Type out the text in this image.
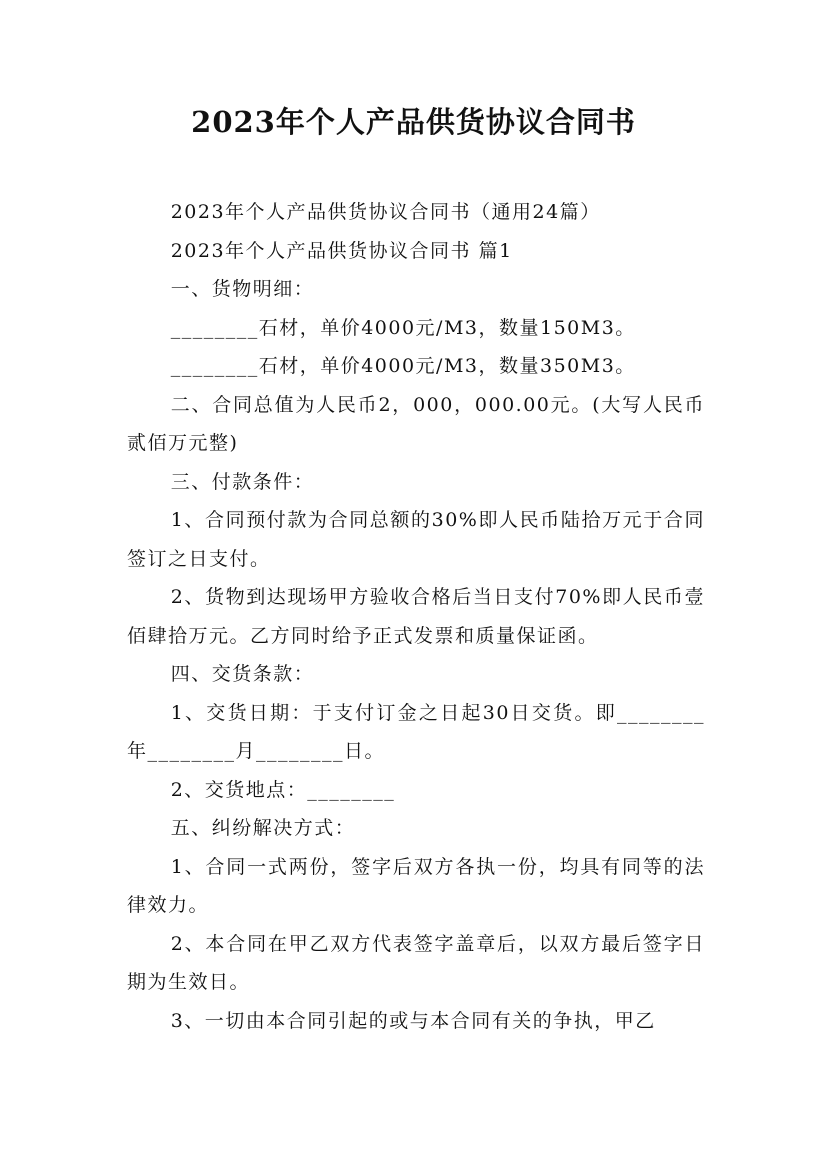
2023年个人产品供货协议合同书

2023年个人产品供货协议合同书（通用24篇）

2023年个人产品供货协议合同书 篇1

一、货物明细：

________石材，单价4000元/M3，数量150M3。

________石材，单价4000元/M3，数量350M3。

二、合同总值为人民币2，000，000.00元。(大写人民币贰佰万元整)

三、付款条件：

1、合同预付款为合同总额的30%即人民币陆拾万元于合同签订之日支付。

2、货物到达现场甲方验收合格后当日支付70%即人民币壹佰肆拾万元。乙方同时给予正式发票和质量保证函。

四、交货条款：

1、交货日期：于支付订金之日起30日交货。即________年________月________日。

2、交货地点：________

五、纠纷解决方式：

1、合同一式两份，签字后双方各执一份，均具有同等的法律效力。

2、本合同在甲乙双方代表签字盖章后，以双方最后签字日期为生效日。

3、一切由本合同引起的或与本合同有关的争执，甲乙
